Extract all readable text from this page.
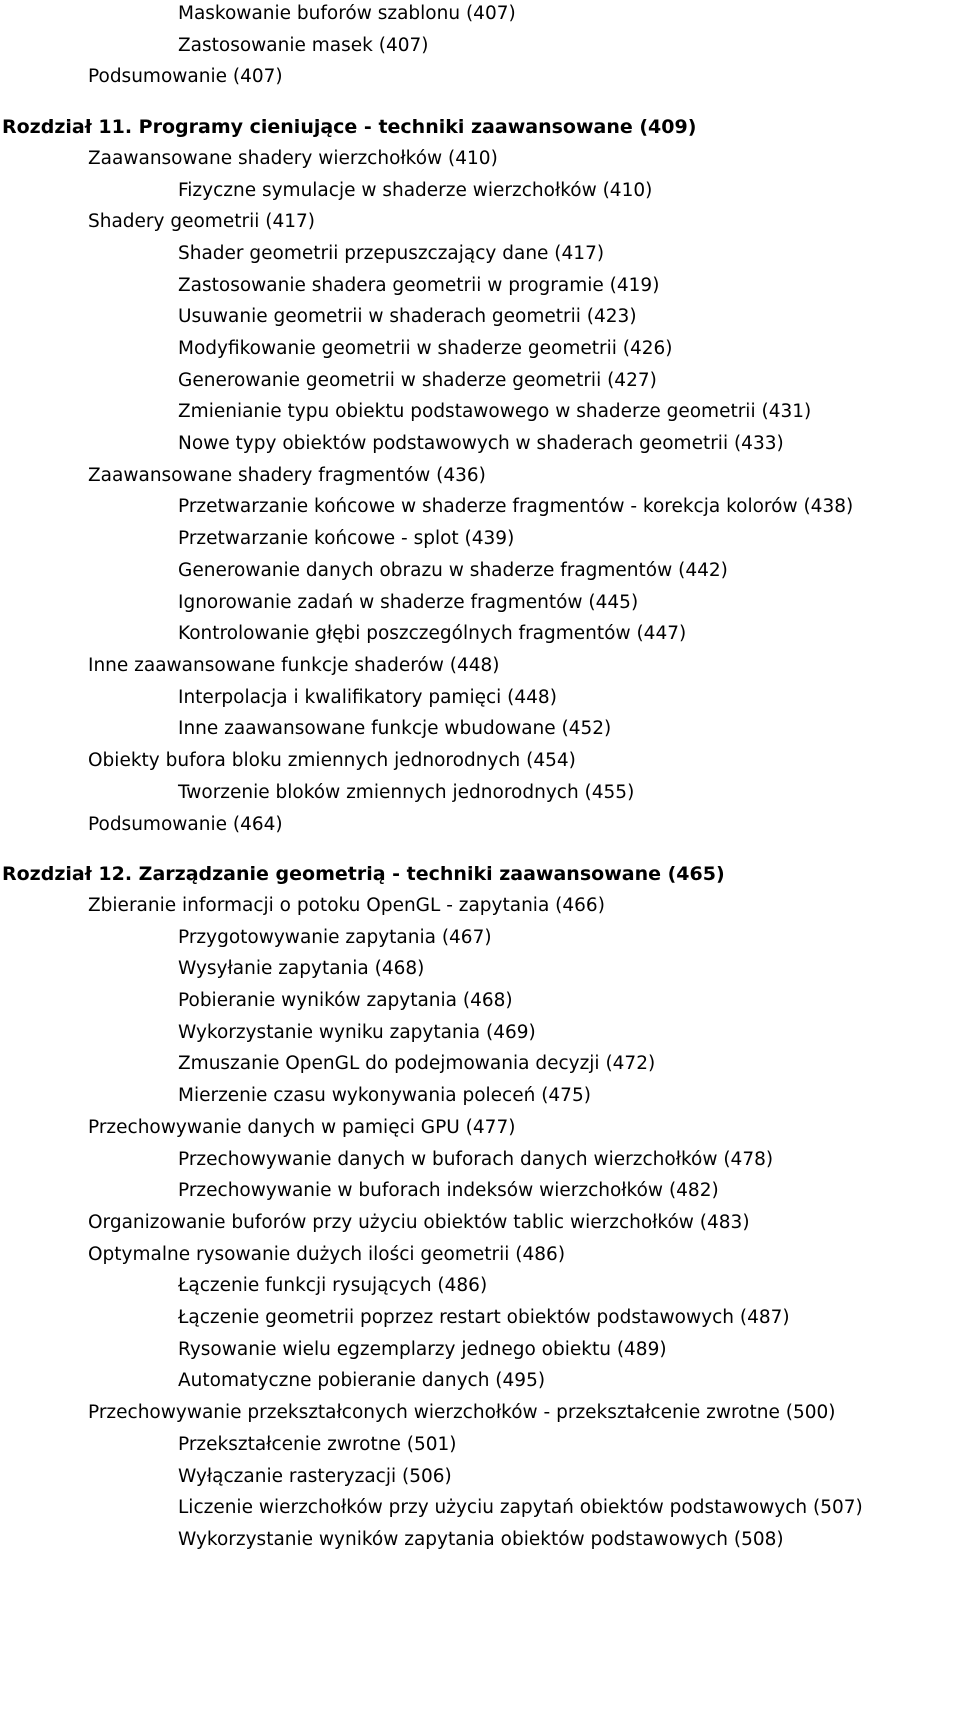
Maskowanie buforów szablonu (407)
Zastosowanie masek (407)
Podsumowanie (407)
Rozdział 11. Programy cieniujące - techniki zaawansowane (409)
Zaawansowane shadery wierzchołków (410)
Fizyczne symulacje w shaderze wierzchołków (410)
Shadery geometrii (417)
Shader geometrii przepuszczający dane (417)
Zastosowanie shadera geometrii w programie (419)
Usuwanie geometrii w shaderach geometrii (423)
Modyfikowanie geometrii w shaderze geometrii (426)
Generowanie geometrii w shaderze geometrii (427)
Zmienianie typu obiektu podstawowego w shaderze geometrii (431)
Nowe typy obiektów podstawowych w shaderach geometrii (433)
Zaawansowane shadery fragmentów (436)
Przetwarzanie końcowe w shaderze fragmentów - korekcja kolorów (438)
Przetwarzanie końcowe - splot (439)
Generowanie danych obrazu w shaderze fragmentów (442)
Ignorowanie zadań w shaderze fragmentów (445)
Kontrolowanie głębi poszczególnych fragmentów (447)
Inne zaawansowane funkcje shaderów (448)
Interpolacja i kwalifikatory pamięci (448)
Inne zaawansowane funkcje wbudowane (452)
Obiekty bufora bloku zmiennych jednorodnych (454)
Tworzenie bloków zmiennych jednorodnych (455)
Podsumowanie (464)
Rozdział 12. Zarządzanie geometrią - techniki zaawansowane (465)
Zbieranie informacji o potoku OpenGL - zapytania (466)
Przygotowywanie zapytania (467)
Wysyłanie zapytania (468)
Pobieranie wyników zapytania (468)
Wykorzystanie wyniku zapytania (469)
Zmuszanie OpenGL do podejmowania decyzji (472)
Mierzenie czasu wykonywania poleceń (475)
Przechowywanie danych w pamięci GPU (477)
Przechowywanie danych w buforach danych wierzchołków (478)
Przechowywanie w buforach indeksów wierzchołków (482)
Organizowanie buforów przy użyciu obiektów tablic wierzchołków (483)
Optymalne rysowanie dużych ilości geometrii (486)
Łączenie funkcji rysujących (486)
Łączenie geometrii poprzez restart obiektów podstawowych (487)
Rysowanie wielu egzemplarzy jednego obiektu (489)
Automatyczne pobieranie danych (495)
Przechowywanie przekształconych wierzchołków - przekształcenie zwrotne (500)
Przekształcenie zwrotne (501)
Wyłączanie rasteryzacji (506)
Liczenie wierzchołków przy użyciu zapytań obiektów podstawowych (507)
Wykorzystanie wyników zapytania obiektów podstawowych (508)
